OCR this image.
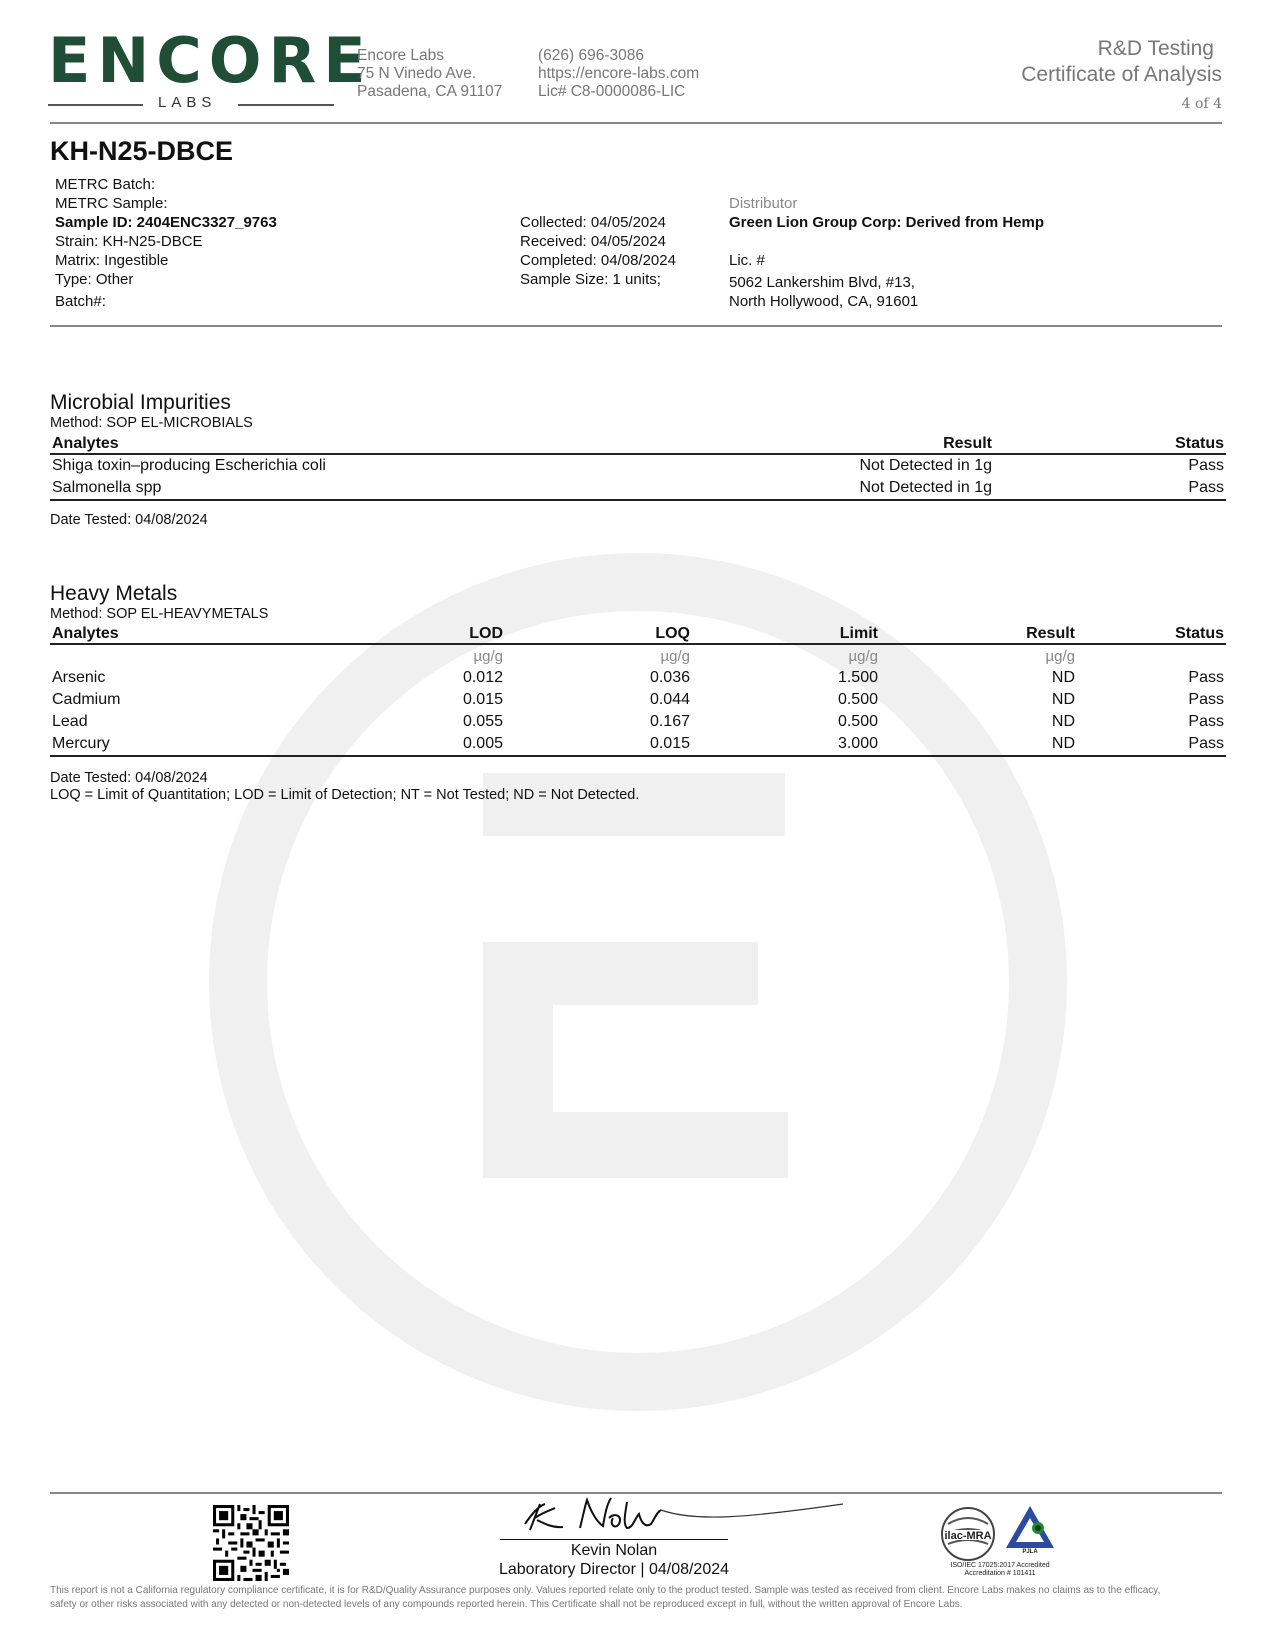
ENCORE
LABS
Encore Labs
75 N Vinedo Ave.
Pasadena, CA 91107
(626) 696-3086
https://encore-labs.com
Lic# C8-0000086-LIC
R&D Testing
Certificate of Analysis
4 of 4
KH-N25-DBCE
METRC Batch:
METRC Sample:
Sample ID: 2404ENC3327_9763
Strain: KH-N25-DBCE
Matrix: Ingestible
Type: Other
Batch#:
Collected: 04/05/2024
Received: 04/05/2024
Completed: 04/08/2024
Sample Size: 1 units;
Distributor
Green Lion Group Corp: Derived from Hemp
Lic. #
5062 Lankershim Blvd, #13,
North Hollywood, CA, 91601
Microbial Impurities
Method: SOP EL-MICROBIALS
Analytes	Result	Status
Shiga toxin–producing Escherichia coli	Not Detected in 1g	Pass
Salmonella spp	Not Detected in 1g	Pass
Date Tested: 04/08/2024
Heavy Metals
Method: SOP EL-HEAVYMETALS
Analytes	LOD	LOQ	Limit	Result	Status
	µg/g	µg/g	µg/g	µg/g	
Arsenic	0.012	0.036	1.500	ND	Pass
Cadmium	0.015	0.044	0.500	ND	Pass
Lead	0.055	0.167	0.500	ND	Pass
Mercury	0.005	0.015	3.000	ND	Pass
Date Tested: 04/08/2024
LOQ = Limit of Quantitation; LOD = Limit of Detection; NT = Not Tested; ND = Not Detected.
Kevin Nolan
Laboratory Director | 04/08/2024
ilac-MRA
PJLA
ISO/IEC 17025:2017 Accredited
Accreditation # 101411
This report is not a California regulatory compliance certificate, it is for R&D/Quality Assurance purposes only. Values reported relate only to the product tested. Sample was tested as received from client. Encore Labs makes no claims as to the efficacy, safety or other risks associated with any detected or non-detected levels of any compounds reported herein. This Certificate shall not be reproduced except in full, without the written approval of Encore Labs.
